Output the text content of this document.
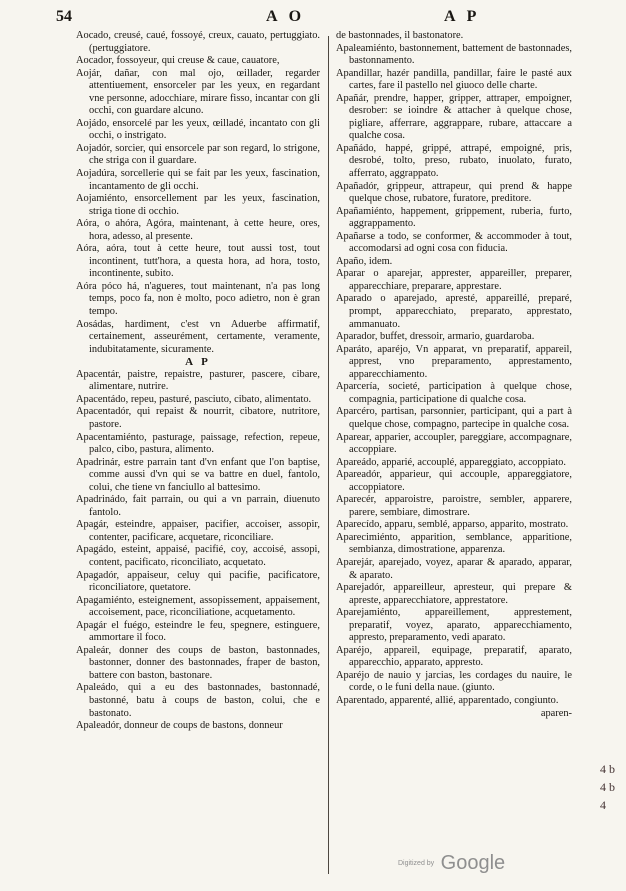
54	A O	A P

Aocado, creusé, caué, fossoyé, creux, cauato, pertuggiato. (pertuggiatore.

Aocador, fossoyeur, qui creuse & caue, cauatore,

Aojár, dañar, con mal ojo, œillader, regarder attentiuement, ensorceler par les yeux, en regardant vne personne, adocchiare, mirare fisso, incantar con gli occhi, con guardare alcuno.

Aojádo, ensorcelé par les yeux, œilladé, incantato con gli occhi, o instrigato.

Aojadór, sorcier, qui ensorcele par son regard, lo strigone, che striga con il guardare.

Aojadúra, sorcellerie qui se fait par les yeux, fascination, incantamento de gli occhi.

Aojamiénto, ensorcellement par les yeux, fascination, striga tione di occhio.

Aóra, o ahóra, Agóra, maintenant, à cette heure, ores, hora, adesso, al presente.

Aóra, aóra, tout à cette heure, tout aussi tost, tout incontinent, tutt'hora, a questa hora, ad hora, tosto, incontinente, subito.

Aóra póco há, n'agueres, tout maintenant, n'a pas long temps, poco fa, non è molto, poco adietro, non è gran tempo.

Aosádas, hardiment, c'est vn Aduerbe affirmatif, certainement, asseurément, certamente, veramente, indubitatamente, sicuramente.

A P

Apacentár, paistre, repaistre, pasturer, pascere, cibare, alimentare, nutrire.

Apacentádo, repeu, pasturé, pasciuto, cibato, alimentato.

Apacentadór, qui repaist & nourrit, cibatore, nutritore, pastore.

Apacentamiénto, pasturage, paissage, refection, repeue, palco, cibo, pastura, alimento.

Apadrinár, estre parrain tant d'vn enfant que l'on baptise, comme aussi d'vn qui se va battre en duel, fantolo, colui, che tiene vn fanciullo al battesimo.

Apadrinádo, fait parrain, ou qui a vn parrain, diuenuto fantolo.

Apagár, esteindre, appaiser, pacifier, accoiser, assopir, contenter, pacificare, acquetare, riconciliare.

Apagádo, esteint, appaisé, pacifié, coy, accoisé, assopi, content, pacificato, riconciliato, acquetato.

Apagadór, appaiseur, celuy qui pacifie, pacificatore, riconciliatore, quetatore.

Apagamiénto, esteignement, assopissement, appaisement, accoisement, pace, riconciliatione, acquetamento.

Apagár el fuégo, esteindre le feu, spegnere, estinguere, ammortare il foco.

Apaleár, donner des coups de baston, bastonnades, bastonner, donner des bastonnades, fraper de baston, battere con baston, bastonare.

Apaleádo, qui a eu des bastonnades, bastonnadé, bastonné, batu à coups de baston, colui, che e bastonato.

Apaleadór, donneur de coups de bastons, donneur

de bastonnades, il bastonatore.

Apaleamiénto, bastonnement, battement de bastonnades, bastonnamento.

Apandillar, hazér pandilla, pandillar, faire le pasté aux cartes, fare il pastello nel giuoco delle charte.

Apañár, prendre, happer, gripper, attraper, empoigner, desrober: se ioindre & attacher à quelque chose, pigliare, afferrare, aggrappare, rubare, attaccare a qualche cosa.

Apañádo, happé, grippé, attrapé, empoigné, pris, desrobé, tolto, preso, rubato, inuolato, furato, afferrato, aggrappato.

Apañadór, grippeur, attrapeur, qui prend & happe quelque chose, rubatore, furatore, preditore.

Apañamiénto, happement, grippement, ruberia, furto, aggrappamento.

Apañarse a todo, se conformer, & accommoder à tout, accomodarsi ad ogni cosa con fiducia.

Apaño, idem.

Aparar o aparejar, apprester, appareiller, preparer, apparecchiare, preparare, apprestare.

Aparado o aparejado, apresté, appareillé, preparé, prompt, apparecchiato, preparato, apprestato, ammanuato.

Aparador, buffet, dressoir, armario, guardaroba.

Aparáto, aparéjo, Vn apparat, vn preparatif, appareil, apprest, vno preparamento, apprestamento, apparecchiamento.

Aparcería, societé, participation à quelque chose, compagnia, participatione di qualche cosa.

Aparcéro, partisan, parsonnier, participant, qui a part à quelque chose, compagno, partecipe in qualche cosa.

Aparear, apparier, accoupler, pareggiare, accompagnare, accoppiare.

Apareádo, apparié, accouplé, appareggiato, accoppiato.

Apareadór, apparieur, qui accouple, appareggiatore, accoppiatore.

Aparecér, apparoistre, paroistre, sembler, apparere, parere, sembiare, dimostrare.

Aparecído, apparu, semblé, apparso, apparito, mostrato.

Aparecimiénto, apparition, semblance, apparitione, sembianza, dimostratione, apparenza.

Aparejár, aparejado, voyez, aparar & aparado, apparar, & aparato.

Aparejadór, appareilleur, apresteur, qui prepare & apreste, apparecchiatore, apprestatore.

Aparejamiénto, appareillement, apprestement, preparatif, voyez, aparato, apparecchiamento, appresto, preparamento, vedi aparato.

Aparéjo, appareil, equipage, preparatif, aparato, apparecchio, apparato, appresto.

Aparéjo de nauio y jarcias, les cordages du nauire, le corde, o le funi della naue. (giunto.

Aparentado, apparenté, allié, apparentado, congiunto.

aparen-

4 b 4 b 4
Digitized by Google
